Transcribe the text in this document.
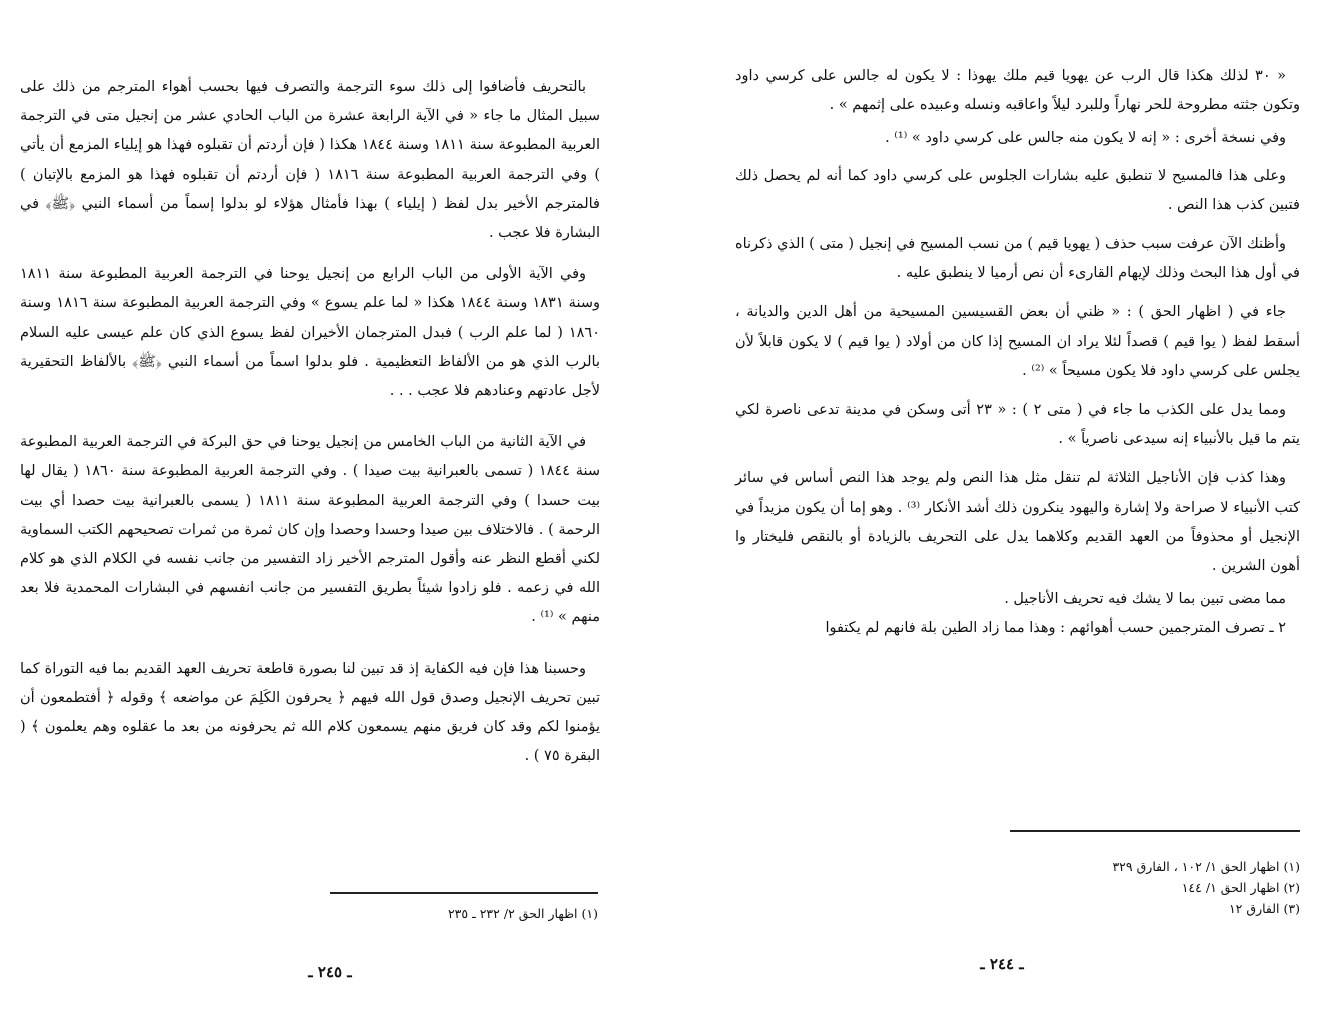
بالتحريف فأضافوا إلى ذلك سوء الترجمة والتصرف فيها بحسب أهواء المترجم من ذلك على سبيل المثال ما جاء « في الآية الرابعة عشرة من الباب الحادي عشر من إنجيل متى في الترجمة العربية المطبوعة سنة ١٨١١ وسنة ١٨٤٤ هكذا ( فإن أردتم أن تقبلوه فهذا هو إيلياء المزمع أن يأتي ) وفي الترجمة العربية المطبوعة سنة ١٨١٦ ( فإن أردتم أن تقبلوه فهذا هو المزمع بالإتيان ) فالمترجم الأخير بدل لفظ ( إيلياء ) بهذا فأمثال هؤلاء لو بدلوا إسماً من أسماء النبي ﴿ﷺ﴾ في البشارة فلا عجب .

وفي الآية الأولى من الباب الرابع من إنجيل يوحنا في الترجمة العربية المطبوعة سنة ١٨١١ وسنة ١٨٣١ وسنة ١٨٤٤ هكذا « لما علم يسوع » وفي الترجمة العربية المطبوعة سنة ١٨١٦ وسنة ١٨٦٠ ( لما علم الرب ) فبدل المترجمان الأخيران لفظ يسوع الذي كان علم عيسى عليه السلام بالرب الذي هو من الألفاظ التعظيمية . فلو بدلوا اسماً من أسماء النبي ﴿ﷺ﴾ بالألفاظ التحقيرية لأجل عادتهم وعنادهم فلا عجب . . .

في الآية الثانية من الباب الخامس من إنجيل يوحنا في حق البركة في الترجمة العربية المطبوعة سنة ١٨٤٤ ( تسمى بالعبرانية بيت صيدا ) . وفي الترجمة العربية المطبوعة سنة ١٨٦٠ ( يقال لها بيت حسدا ) وفي الترجمة العربية المطبوعة سنة ١٨١١ ( يسمى بالعبرانية بيت حصدا أي بيت الرحمة ) . فالاختلاف بين صيدا وحسدا وحصدا وإن كان ثمرة من ثمرات تصحيحهم الكتب السماوية لكني أقطع النظر عنه وأقول المترجم الأخير زاد التفسير من جانب نفسه في الكلام الذي هو كلام الله في زعمه . فلو زادوا شيئاً بطريق التفسير من جانب انفسهم في البشارات المحمدية فلا بعد منهم » ⁽¹⁾ .

وحسبنا هذا فإن فيه الكفاية إذ قد تبين لنا بصورة قاطعة تحريف العهد القديم بما فيه التوراة كما تبين تحريف الإنجيل وصدق قول الله فيهم ﴿ يحرفون الكَلِمَ عن مواضعه ﴾ وقوله ﴿ أفتطمعون أن يؤمنوا لكم وقد كان فريق منهم يسمعون كلام الله ثم يحرفونه من بعد ما عقلوه وهم يعلمون ﴾ ( البقرة ٧٥ ) .

(١) اظهار الحق ٢/ ٢٣٢ ـ ٢٣٥

ـ ٢٤٥ ـ

« ٣٠ لذلك هكذا قال الرب عن يهويا قيم ملك يهوذا : لا يكون له جالس على كرسي داود وتكون جثته مطروحة للحر نهاراً وللبرد ليلاً واعاقبه ونسله وعبيده على إثمهم » .

وفي نسخة أخرى : « إنه لا يكون منه جالس على كرسي داود » ⁽¹⁾ .

وعلى هذا فالمسيح لا تنطبق عليه بشارات الجلوس على كرسي داود كما أنه لم يحصل ذلك فتبين كذب هذا النص .

وأظنك الآن عرفت سبب حذف ( يهويا قيم ) من نسب المسيح في إنجيل ( متى ) الذي ذكرناه في أول هذا البحث وذلك لإيهام القارىء أن نص أرميا لا ينطبق عليه .

جاء في ( اظهار الحق ) : « ظني أن بعض القسيسين المسيحية من أهل الدين والديانة ، أسقط لفظ ( يوا قيم ) قصداً لئلا يراد ان المسيح إذا كان من أولاد ( يوا قيم ) لا يكون قابلاً لأن يجلس على كرسي داود فلا يكون مسيحاً » ⁽²⁾ .

ومما يدل على الكذب ما جاء في ( متى ٢ ) : « ٢٣ أتى وسكن في مدينة تدعى ناصرة لكي يتم ما قيل بالأنبياء إنه سيدعى ناصرياً » .

وهذا كذب فإن الأناجيل الثلاثة لم تنقل مثل هذا النص ولم يوجد هذا النص أساس في سائر كتب الأنبياء لا صراحة ولا إشارة واليهود ينكرون ذلك أشد الأنكار ⁽³⁾ . وهو إما أن يكون مزيداً في الإنجيل أو محذوفاً من العهد القديم وكلاهما يدل على التحريف بالزيادة أو بالنقص فليختار وا أهون الشرين .

مما مضى تبين بما لا يشك فيه تحريف الأناجيل .

٢ ـ تصرف المترجمين حسب أهوائهم : وهذا مما زاد الطين بلة فانهم لم يكتفوا

(١) اظهار الحق ١/ ١٠٢ ، الفارق ٣٢٩

(٢) اظهار الحق ١/ ١٤٤

(٣) الفارق ١٢

ـ ٢٤٤ ـ
